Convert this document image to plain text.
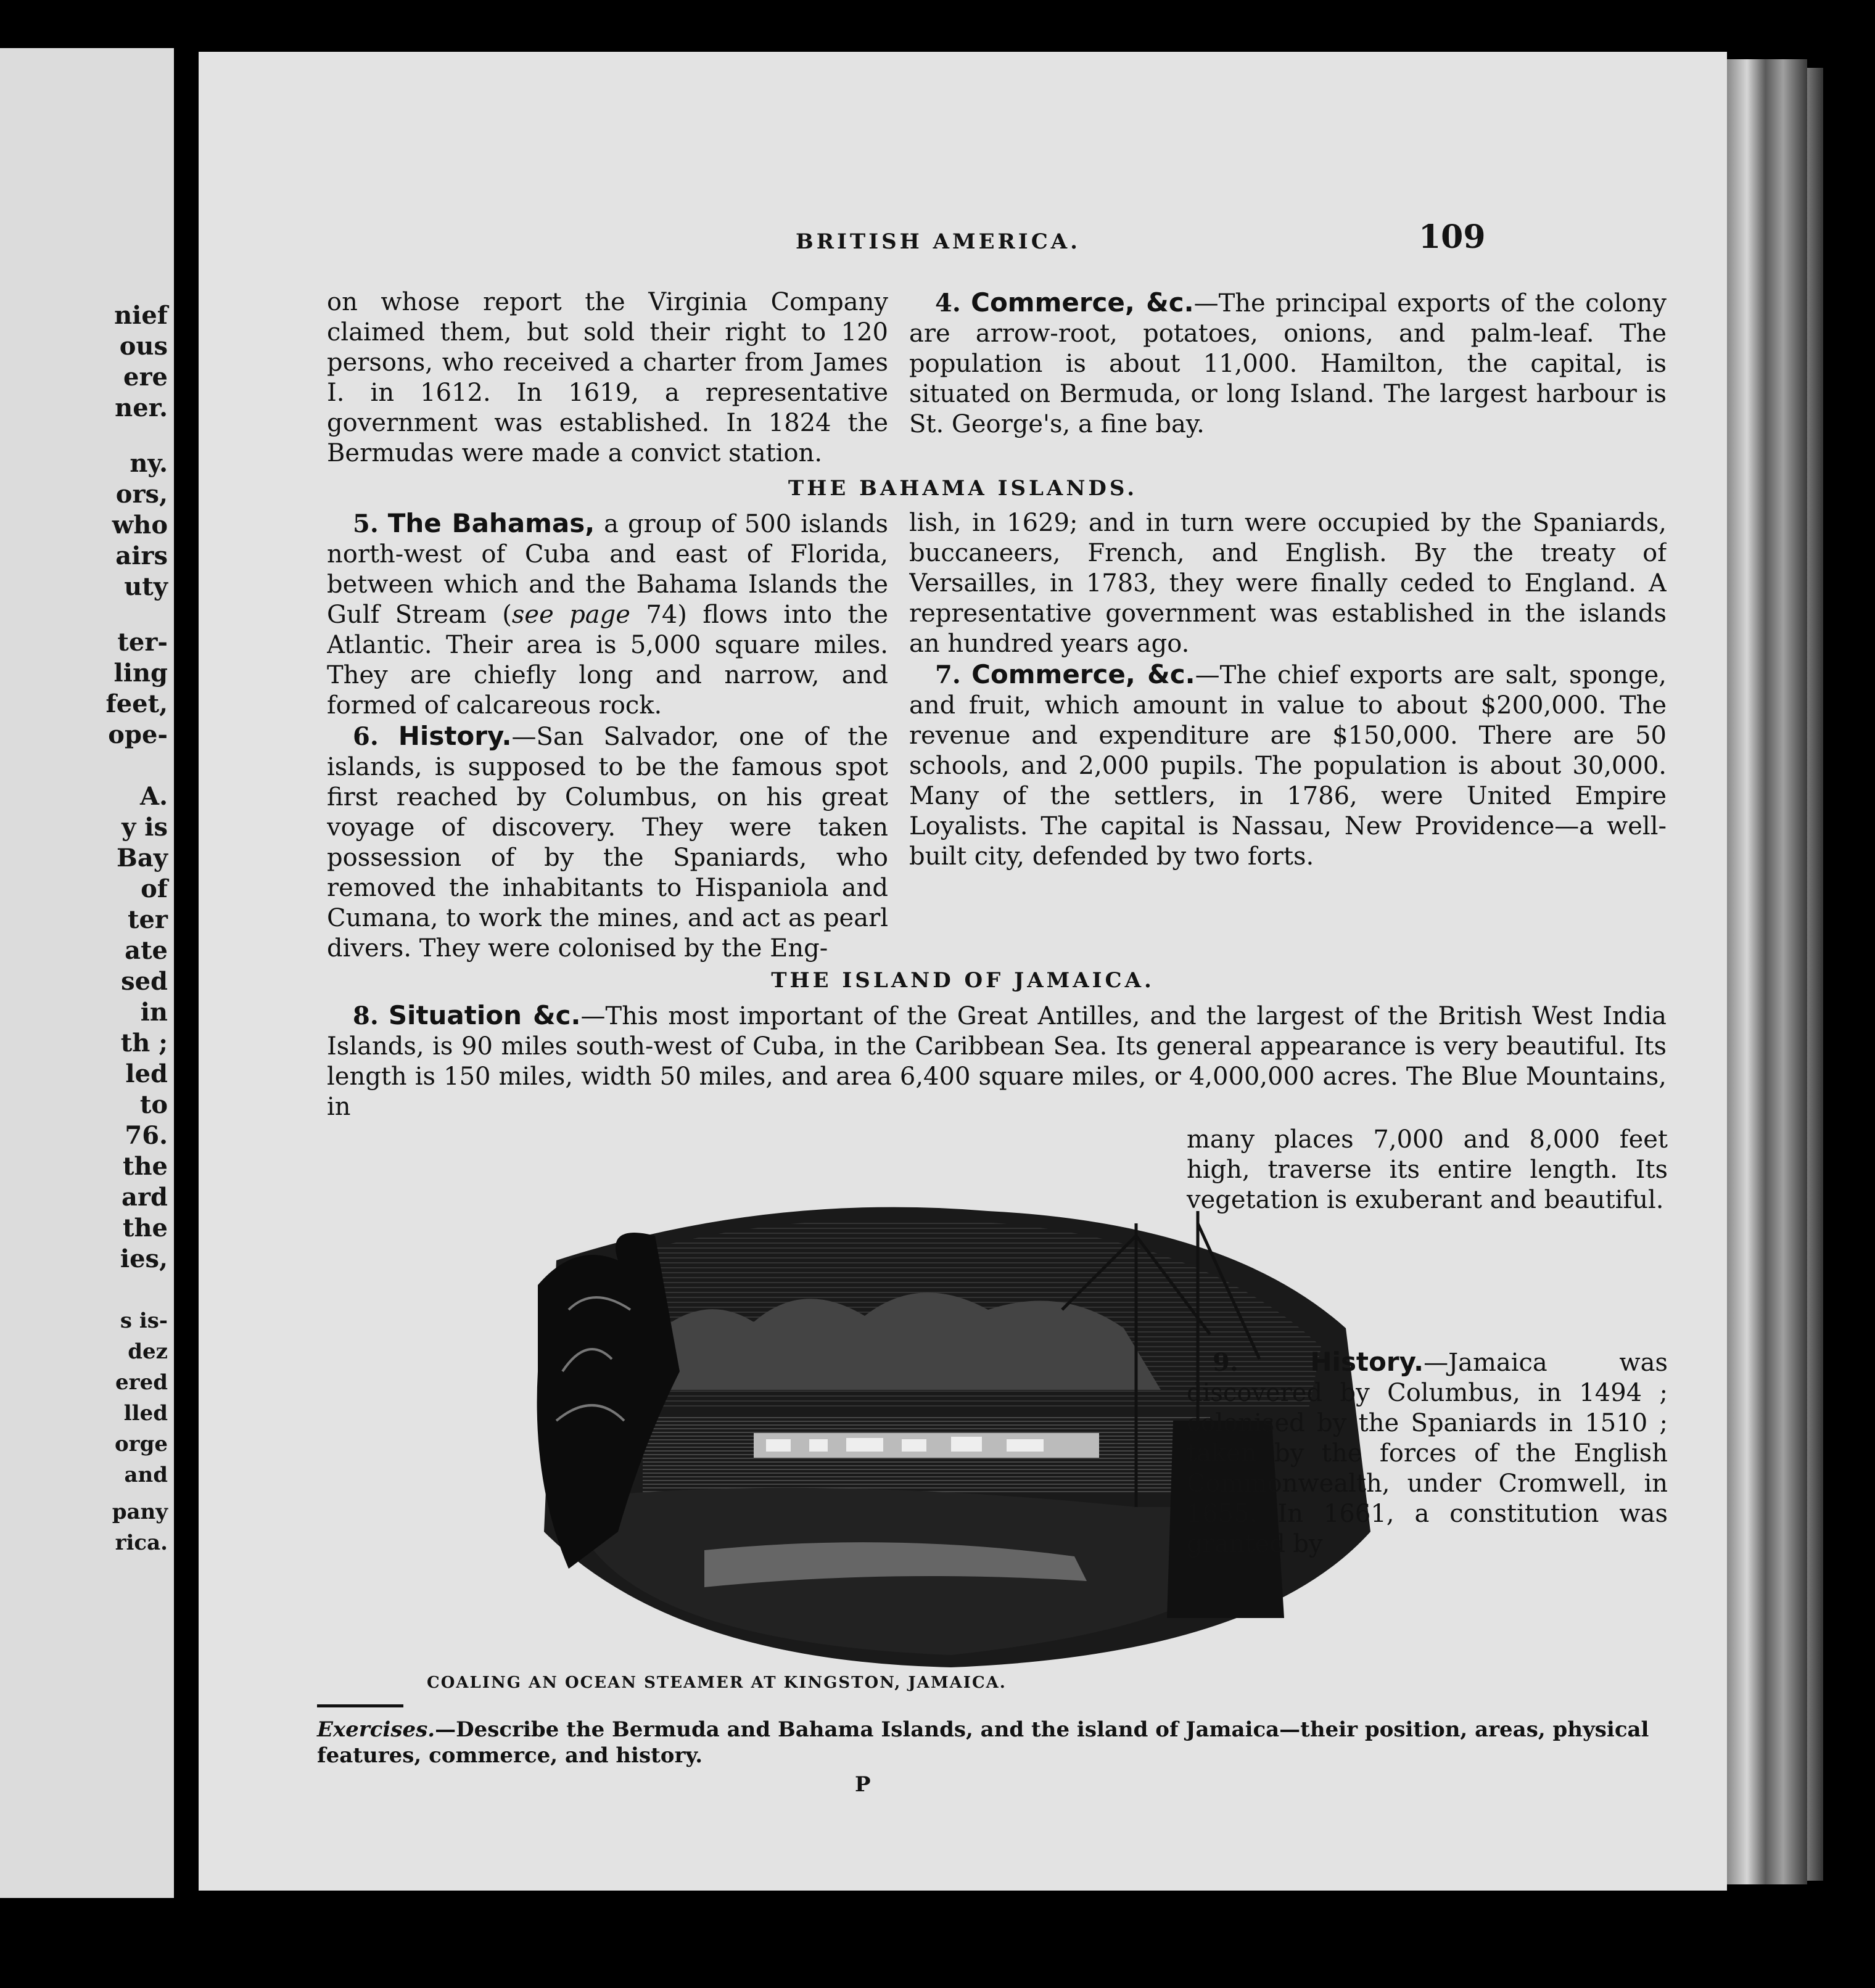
nief
ous
ere
ner.
ny.
ors,
who
airs
uty
ter-
ling
feet,
ope-
A.
y is
Bay
of
ter
ate
sed
in
th ;
led
to
76.
the
ard
the
ies,
s is-
dez
ered
lled
orge
and
pany
rica.
BRITISH AMERICA.	109

on whose report the Virginia Company claimed them, but sold their right to 120 persons, who received a charter from James I. in 1612. In 1619, a representative government was established. In 1824 the Bermudas were made a convict station.

4. Commerce, &c.—The principal exports of the colony are arrow-root, potatoes, onions, and palm-leaf. The population is about 11,000. Hamilton, the capital, is situated on Bermuda, or long Island. The largest harbour is St. George's, a fine bay.

THE BAHAMA ISLANDS.

5. The Bahamas, a group of 500 islands north-west of Cuba and east of Florida, between which and the Bahama Islands the Gulf Stream (see page 74) flows into the Atlantic. Their area is 5,000 square miles. They are chiefly long and narrow, and formed of calcareous rock.

6. History.—San Salvador, one of the islands, is supposed to be the famous spot first reached by Columbus, on his great voyage of discovery. They were taken possession of by the Spaniards, who removed the inhabitants to Hispaniola and Cumana, to work the mines, and act as pearl divers. They were colonised by the Eng-

lish, in 1629; and in turn were occupied by the Spaniards, buccaneers, French, and English. By the treaty of Versailles, in 1783, they were finally ceded to England. A representative government was established in the islands an hundred years ago.

7. Commerce, &c.—The chief exports are salt, sponge, and fruit, which amount in value to about $200,000. The revenue and expenditure are $150,000. There are 50 schools, and 2,000 pupils. The population is about 30,000. Many of the settlers, in 1786, were United Empire Loyalists. The capital is Nassau, New Providence—a well-built city, defended by two forts.

THE ISLAND OF JAMAICA.

8. Situation &c.—This most important of the Great Antilles, and the largest of the British West India Islands, is 90 miles south-west of Cuba, in the Caribbean Sea. Its general appearance is very beautiful. Its length is 150 miles, width 50 miles, and area 6,400 square miles, or 4,000,000 acres. The Blue Mountains, in

COALING AN OCEAN STEAMER AT KINGSTON, JAMAICA.

many places 7,000 and 8,000 feet high, traverse its entire length. Its vegetation is exuberant and beautiful.

9.	History.—Jamaica was discovered by Columbus, in 1494 ; colonised by the Spaniards in 1510 ; taken by the forces of the English Commonwealth, under Cromwell, in 1655. In 1661, a constitution was granted by

Exercises.—Describe the Bermuda and Bahama Islands, and the island of Jamaica—their position, areas, physical features, commerce, and history.
P
